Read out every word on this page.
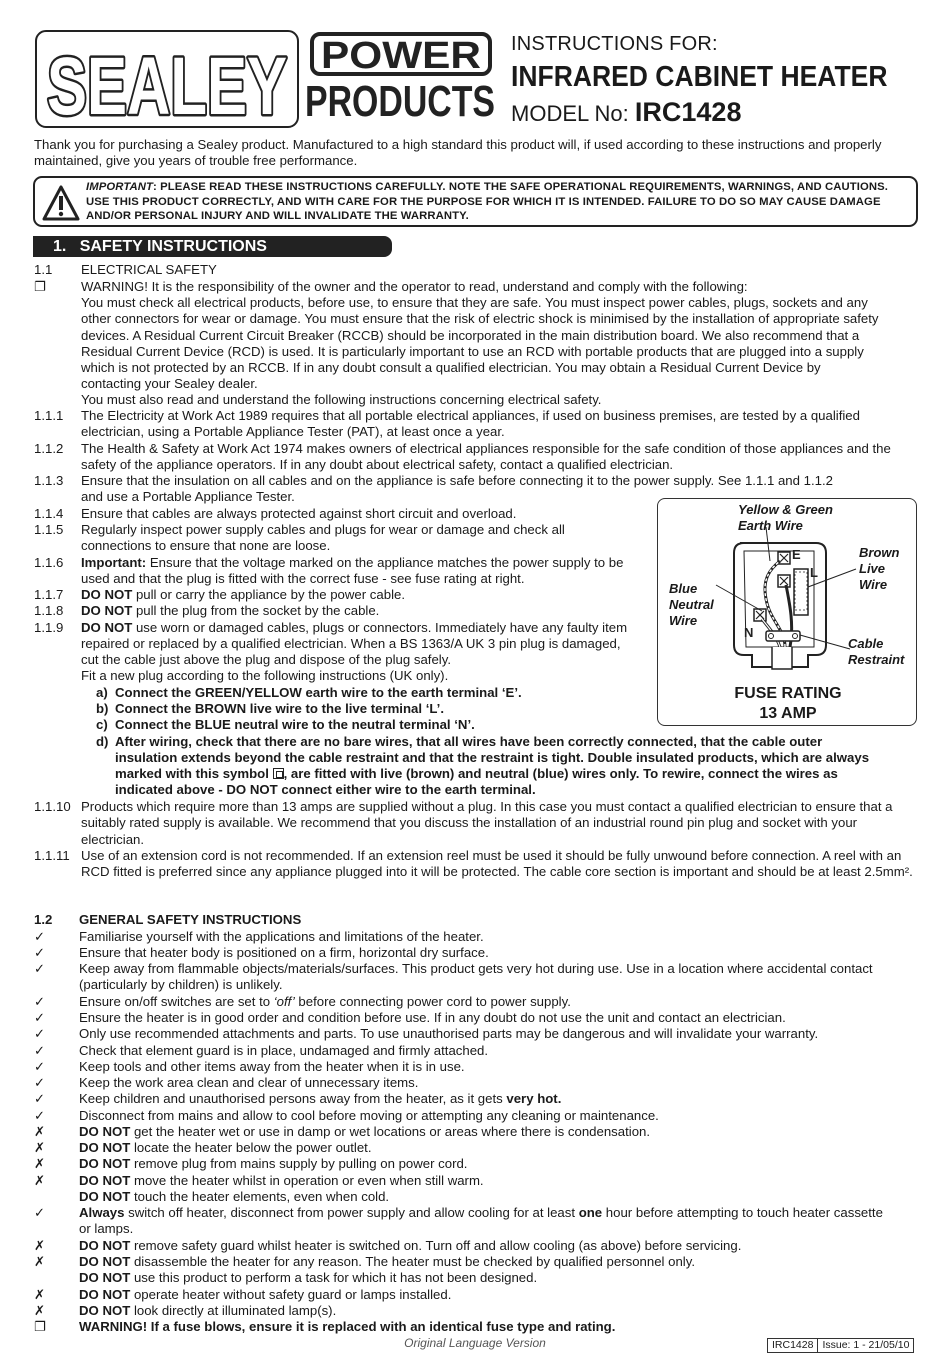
SEALEY
SEALEY POWER
PRODUCTS
INSTRUCTIONS FOR:
INFRARED CABINET HEATER
MODEL No: IRC1428
Thank you for purchasing a Sealey product. Manufactured to a high standard this product will, if used according to these instructions and properly maintained, give you years of trouble free performance.
IMPORTANT: PLEASE READ THESE INSTRUCTIONS CAREFULLY. NOTE THE SAFE OPERATIONAL REQUIREMENTS, WARNINGS, AND CAUTIONS. USE THIS PRODUCT CORRECTLY, AND WITH CARE FOR THE PURPOSE FOR WHICH IT IS INTENDED. FAILURE TO DO SO MAY CAUSE DAMAGE AND/OR PERSONAL INJURY AND WILL INVALIDATE THE WARRANTY.
1. SAFETY INSTRUCTIONS
1.1 ELECTRICAL SAFETY
❐	WARNING! It is the responsibility of the owner and the operator to read, understand and comply with the following:
You must check all electrical products, before use, to ensure that they are safe. You must inspect power cables, plugs, sockets and any other connectors for wear or damage. You must ensure that the risk of electric shock is minimised by the installation of appropriate safety devices. A Residual Current Circuit Breaker (RCCB) should be incorporated in the main distribution board. We also recommend that a Residual Current Device (RCD) is used. It is particularly important to use an RCD with portable products that are plugged into a supply which is not protected by an RCCB. If in any doubt consult a qualified electrician. You may obtain a Residual Current Device by contacting your Sealey dealer.
You must also read and understand the following instructions concerning electrical safety.
1.1.1 The Electricity at Work Act 1989 requires that all portable electrical appliances, if used on business premises, are tested by a qualified electrician, using a Portable Appliance Tester (PAT), at least once a year.
1.1.2 The Health & Safety at Work Act 1974 makes owners of electrical appliances responsible for the safe condition of those appliances and the safety of the appliance operators. If in any doubt about electrical safety, contact a qualified electrician.
1.1.3 Ensure that the insulation on all cables and on the appliance is safe before connecting it to the power supply. See 1.1.1 and 1.1.2
and use a Portable Appliance Tester.
1.1.4 Ensure that cables are always protected against short circuit and overload.
1.1.5 Regularly inspect power supply cables and plugs for wear or damage and check all
connections to ensure that none are loose.
1.1.6 Important: Ensure that the voltage marked on the appliance matches the power supply to be
used and that the plug is fitted with the correct fuse - see fuse rating at right.
1.1.7 DO NOT pull or carry the appliance by the power cable.
1.1.8 DO NOT pull the plug from the socket by the cable.
1.1.9 DO NOT use worn or damaged cables, plugs or connectors. Immediately have any faulty item
repaired or replaced by a qualified electrician. When a BS 1363/A UK 3 pin plug is damaged,
cut the cable just above the plug and dispose of the plug safely.
Fit a new plug according to the following instructions (UK only).
a) Connect the GREEN/YELLOW earth wire to the earth terminal ‘E’.
b) Connect the BROWN live wire to the live terminal ‘L’.
c) Connect the BLUE neutral wire to the neutral terminal ‘N’.
d) After wiring, check that there are no bare wires, that all wires have been correctly connected, that the cable outer
insulation extends beyond the cable restraint and that the restraint is tight. Double insulated products, which are always
marked with this symbol , are fitted with live (brown) and neutral (blue) wires only. To rewire, connect the wires as
indicated above - DO NOT connect either wire to the earth terminal.
1.1.10 Products which require more than 13 amps are supplied without a plug. In this case you must contact a qualified electrician to ensure that a suitably rated supply is available. We recommend that you discuss the installation of an industrial round pin plug and socket with your electrician.
1.1.11 Use of an extension cord is not recommended. If an extension reel must be used it should be fully unwound before connection. A reel with an RCD fitted is preferred since any appliance plugged into it will be protected. The cable core section is important and should be at least 2.5mm².
E
L
N
Yellow & Green
Earth Wire
Brown
Live
Wire
Blue
Neutral
Wire
Cable
Restraint
FUSE RATING
13 AMP
1.2 GENERAL SAFETY INSTRUCTIONS
✓	Familiarise yourself with the applications and limitations of the heater.
✓	Ensure that heater body is positioned on a firm, horizontal dry surface.
✓	Keep away from flammable objects/materials/surfaces. This product gets very hot during use. Use in a location where accidental contact
(particularly by children) is unlikely.
✓	Ensure on/off switches are set to ‘off’ before connecting power cord to power supply.
✓	Ensure the heater is in good order and condition before use. If in any doubt do not use the unit and contact an electrician.
✓	Only use recommended attachments and parts. To use unauthorised parts may be dangerous and will invalidate your warranty.
✓	Check that element guard is in place, undamaged and firmly attached.
✓	Keep tools and other items away from the heater when it is in use.
✓	Keep the work area clean and clear of unnecessary items.
✓	Keep children and unauthorised persons away from the heater, as it gets very hot.
✓	Disconnect from mains and allow to cool before moving or attempting any cleaning or maintenance.
✗	DO NOT get the heater wet or use in damp or wet locations or areas where there is condensation.
✗	DO NOT locate the heater below the power outlet.
✗	DO NOT remove plug from mains supply by pulling on power cord.
✗	DO NOT move the heater whilst in operation or even when still warm.
DO NOT touch the heater elements, even when cold.
✓	Always switch off heater, disconnect from power supply and allow cooling for at least one hour before attempting to touch heater cassette
or lamps.
✗	DO NOT remove safety guard whilst heater is switched on. Turn off and allow cooling (as above) before servicing.
✗	DO NOT disassemble the heater for any reason. The heater must be checked by qualified personnel only.
DO NOT use this product to perform a task for which it has not been designed.
✗	DO NOT operate heater without safety guard or lamps installed.
✗	DO NOT look directly at illuminated lamp(s).
❐	WARNING! If a fuse blows, ensure it is replaced with an identical fuse type and rating.
Original Language Version	IRC1428 Issue: 1 - 21/05/10
